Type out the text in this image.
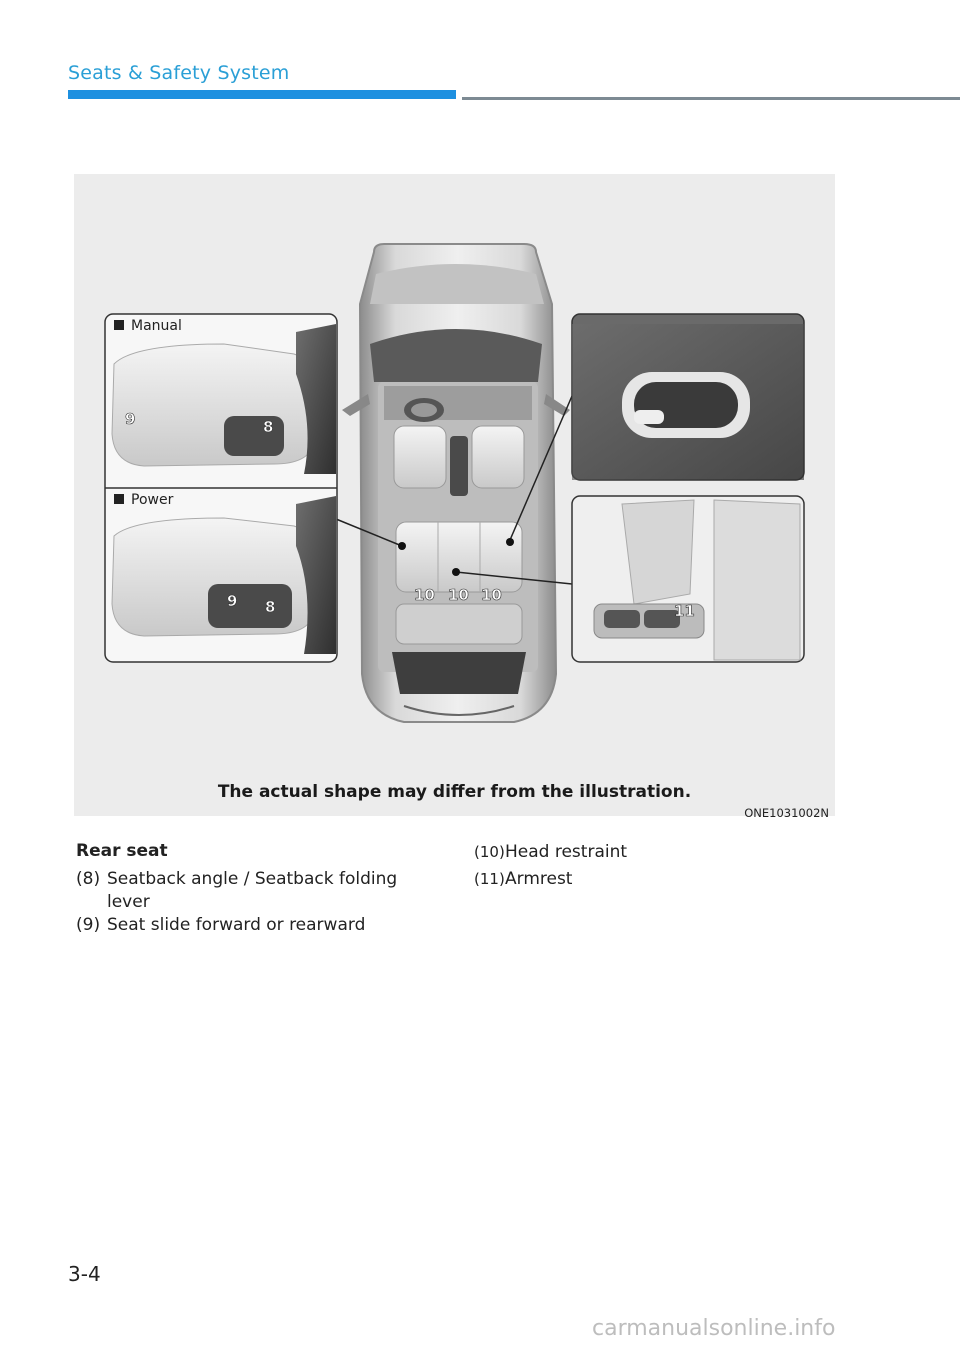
Seats & Safety System
Manual
Power
9	8
9 8
10 10 10
11
The actual shape may differ from the illustration.
ONE1031002N
Rear seat
(8) Seatback angle / Seatback folding lever
(9) Seat slide forward or rearward
(10) Head restraint
(11) Armrest
3-4
carmanualsonline.info
